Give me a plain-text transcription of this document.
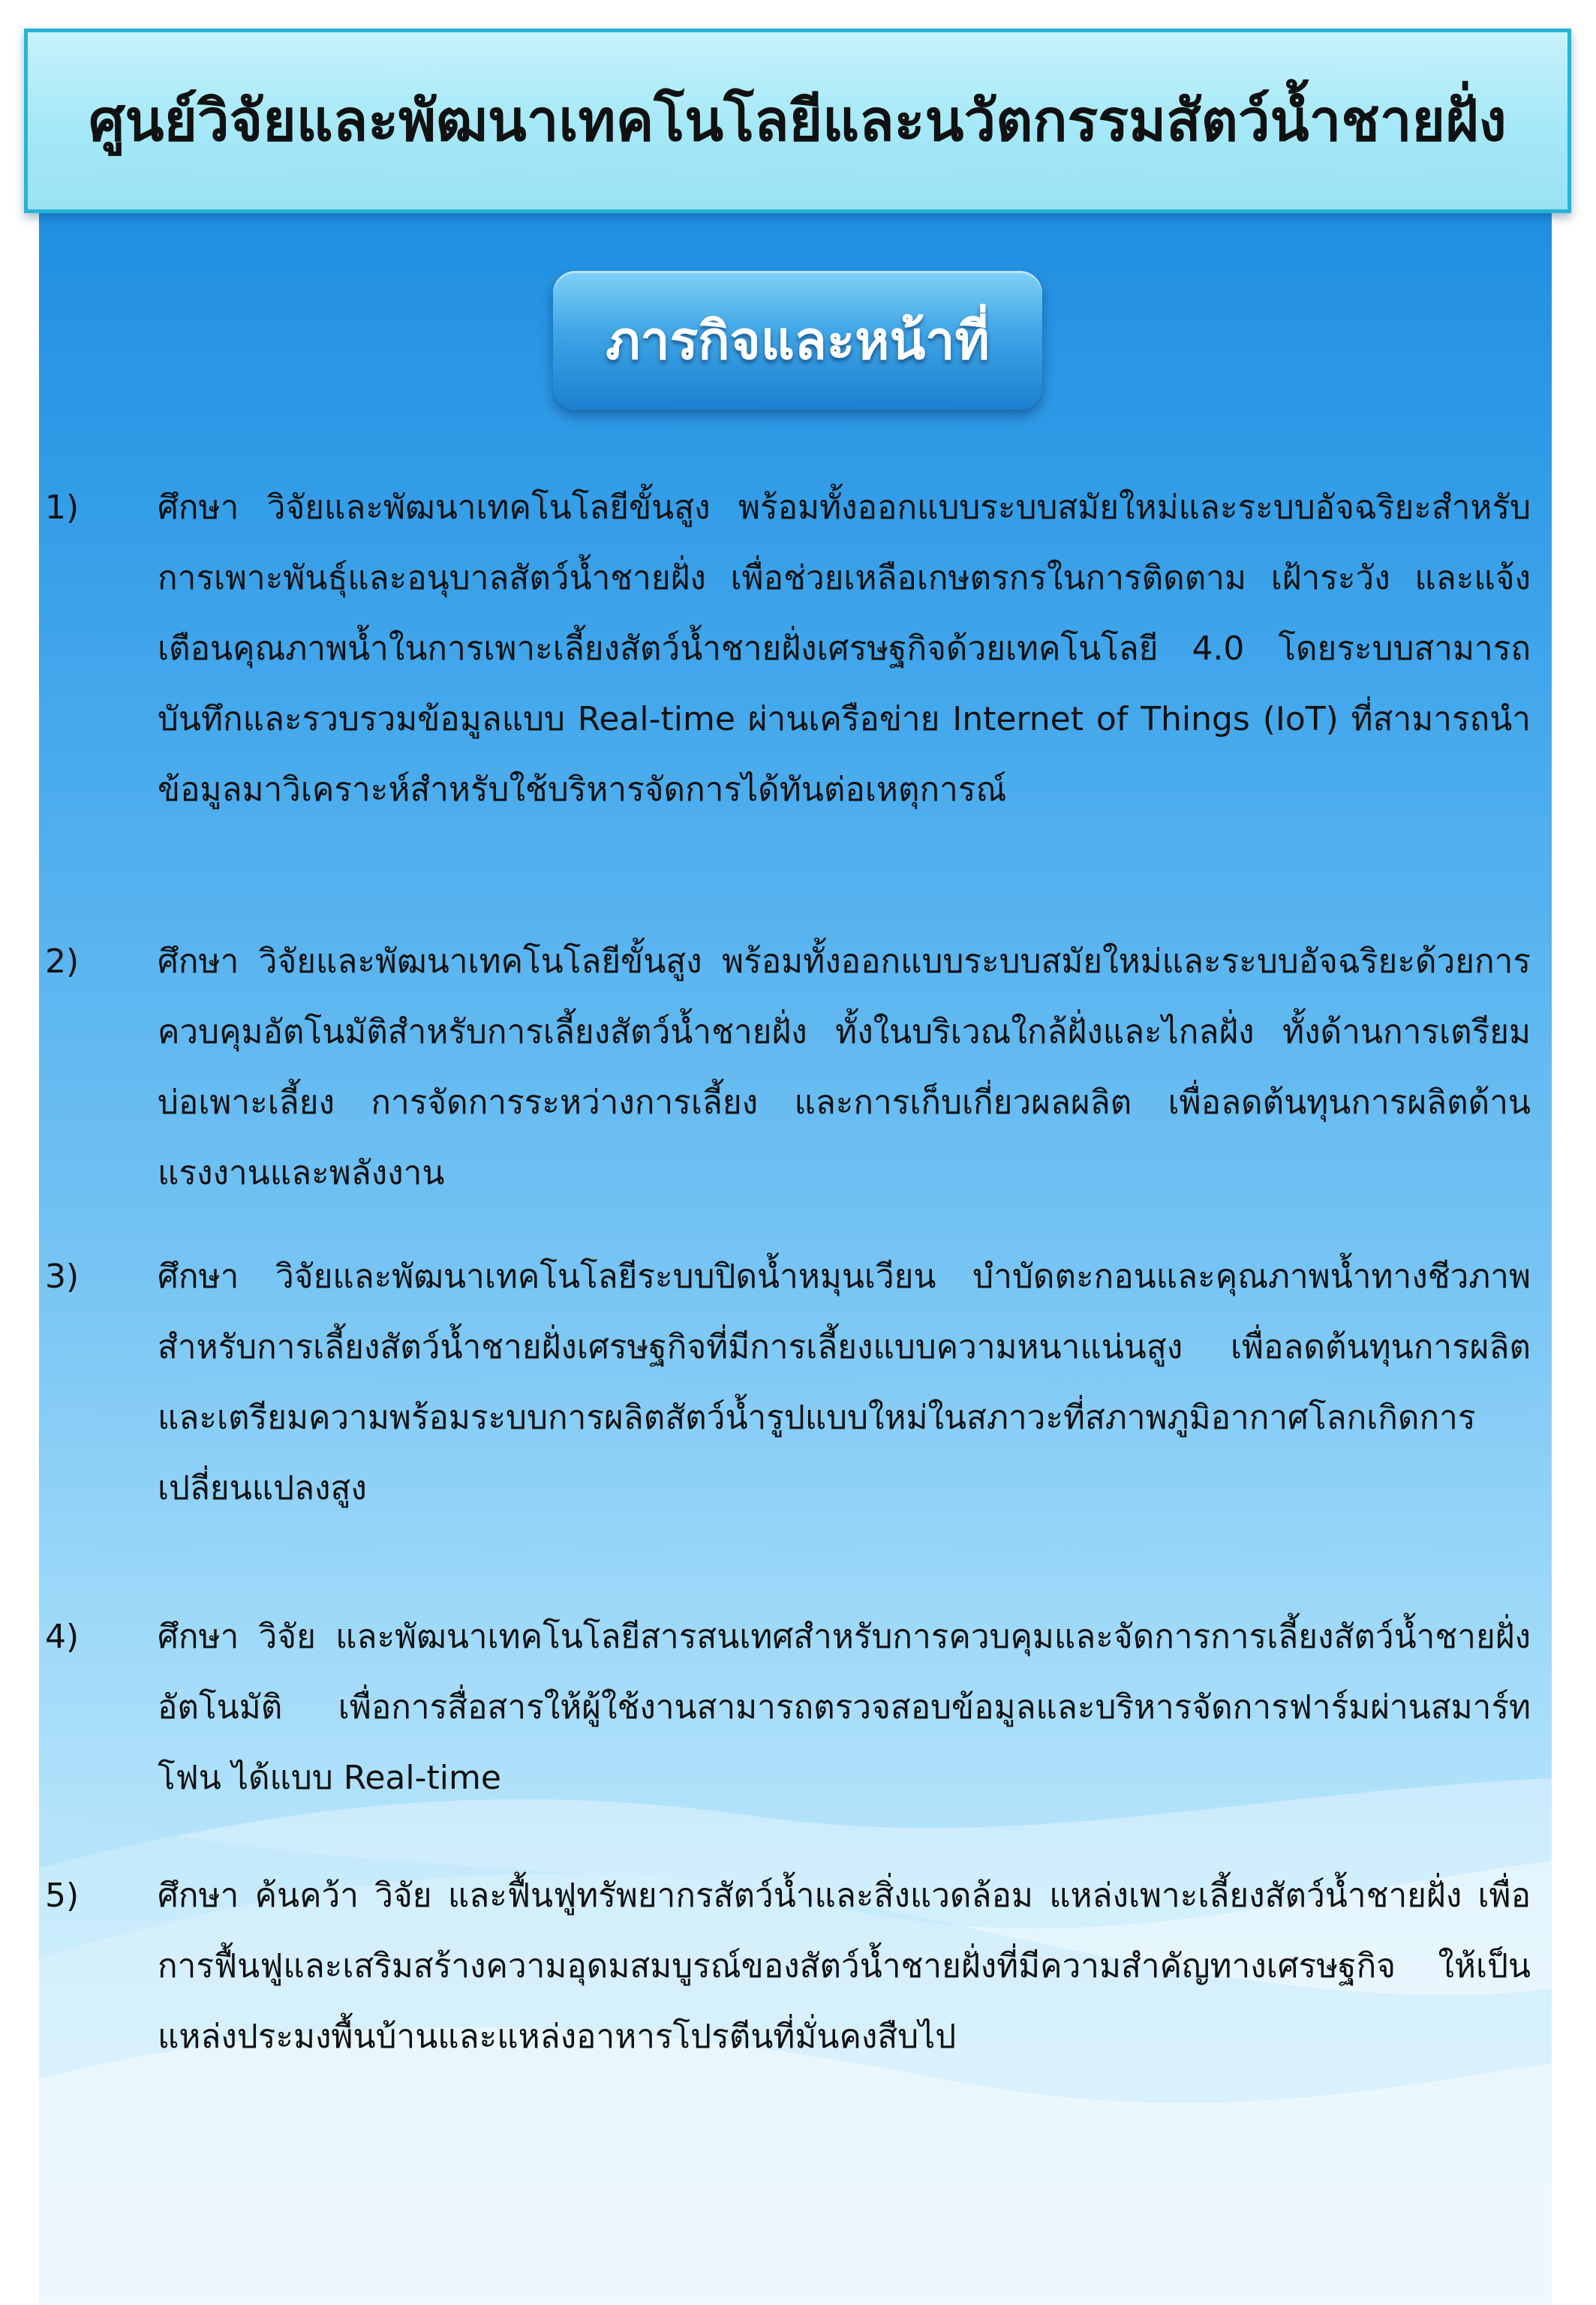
ศูนย์วิจัยและพัฒนาเทคโนโลยีและนวัตกรรมสัตว์น้ำชายฝั่ง
ภารกิจและหน้าที่
1)	ศึกษา วิจัยและพัฒนาเทคโนโลยีขั้นสูง พร้อมทั้งออกแบบระบบสมัยใหม่และระบบอัจฉริยะสำหรับการเพาะพันธุ์และอนุบาลสัตว์น้ำชายฝั่ง เพื่อช่วยเหลือเกษตรกรในการติดตาม เฝ้าระวัง และแจ้งเตือนคุณภาพน้ำในการเพาะเลี้ยงสัตว์น้ำชายฝั่งเศรษฐกิจด้วยเทคโนโลยี 4.0 โดยระบบสามารถบันทึกและรวบรวมข้อมูลแบบ Real-time ผ่านเครือข่าย Internet of Things (IoT) ที่สามารถนำข้อมูลมาวิเคราะห์สำหรับใช้บริหารจัดการได้ทันต่อเหตุการณ์
2)	ศึกษา วิจัยและพัฒนาเทคโนโลยีขั้นสูง พร้อมทั้งออกแบบระบบสมัยใหม่และระบบอัจฉริยะด้วยการควบคุมอัตโนมัติสำหรับการเลี้ยงสัตว์น้ำชายฝั่ง ทั้งในบริเวณใกล้ฝั่งและไกลฝั่ง ทั้งด้านการเตรียมบ่อเพาะเลี้ยง การจัดการระหว่างการเลี้ยง และการเก็บเกี่ยวผลผลิต เพื่อลดต้นทุนการผลิตด้านแรงงานและพลังงาน
3)	ศึกษา วิจัยและพัฒนาเทคโนโลยีระบบปิดน้ำหมุนเวียน บำบัดตะกอนและคุณภาพน้ำทางชีวภาพสำหรับการเลี้ยงสัตว์น้ำชายฝั่งเศรษฐกิจที่มีการเลี้ยงแบบความหนาแน่นสูง เพื่อลดต้นทุนการผลิต และเตรียมความพร้อมระบบการผลิตสัตว์น้ำรูปแบบใหม่ในสภาวะที่สภาพภูมิอากาศโลกเกิดการเปลี่ยนแปลงสูง
4)	ศึกษา วิจัย และพัฒนาเทคโนโลยีสารสนเทศสำหรับการควบคุมและจัดการการเลี้ยงสัตว์น้ำชายฝั่งอัตโนมัติ เพื่อการสื่อสารให้ผู้ใช้งานสามารถตรวจสอบข้อมูลและบริหารจัดการฟาร์มผ่านสมาร์ทโฟน ได้แบบ Real-time
5)	ศึกษา ค้นคว้า วิจัย และฟื้นฟูทรัพยากรสัตว์น้ำและสิ่งแวดล้อม แหล่งเพาะเลี้ยงสัตว์น้ำชายฝั่ง เพื่อการฟื้นฟูและเสริมสร้างความอุดมสมบูรณ์ของสัตว์น้ำชายฝั่งที่มีความสำคัญทางเศรษฐกิจ ให้เป็นแหล่งประมงพื้นบ้านและแหล่งอาหารโปรตีนที่มั่นคงสืบไป
